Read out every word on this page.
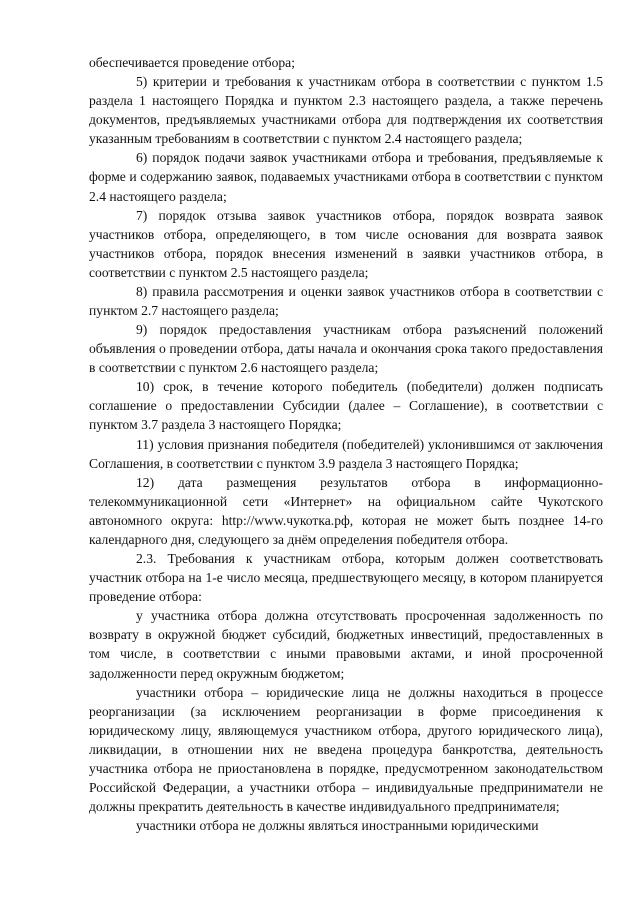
обеспечивается проведение отбора;

5) критерии и требования к участникам отбора в соответствии с пунктом 1.5 раздела 1 настоящего Порядка и пунктом 2.3 настоящего раздела, а также перечень документов, предъявляемых участниками отбора для подтверждения их соответствия указанным требованиям в соответствии с пунктом 2.4 настоящего раздела;

6) порядок подачи заявок участниками отбора и требования, предъявляемые к форме и содержанию заявок, подаваемых участниками отбора в соответствии с пунктом 2.4 настоящего раздела;

7) порядок отзыва заявок участников отбора, порядок возврата заявок участников отбора, определяющего, в том числе основания для возврата заявок участников отбора, порядок внесения изменений в заявки участников отбора, в соответствии с пунктом 2.5 настоящего раздела;

8) правила рассмотрения и оценки заявок участников отбора в соответствии с пунктом 2.7 настоящего раздела;

9) порядок предоставления участникам отбора разъяснений положений объявления о проведении отбора, даты начала и окончания срока такого предоставления в соответствии с пунктом 2.6 настоящего раздела;

10) срок, в течение которого победитель (победители) должен подписать соглашение о предоставлении Субсидии (далее – Соглашение), в соответствии с пунктом 3.7 раздела 3 настоящего Порядка;

11) условия признания победителя (победителей) уклонившимся от заключения Соглашения, в соответствии с пунктом 3.9 раздела 3 настоящего Порядка;

12) дата размещения результатов отбора в информационно-телекоммуникационной сети «Интернет» на официальном сайте Чукотского автономного округа: http://www.чукотка.рф, которая не может быть позднее 14-го календарного дня, следующего за днём определения победителя отбора.

2.3. Требования к участникам отбора, которым должен соответствовать участник отбора на 1-е число месяца, предшествующего месяцу, в котором планируется проведение отбора:

у участника отбора должна отсутствовать просроченная задолженность по возврату в окружной бюджет субсидий, бюджетных инвестиций, предоставленных в том числе, в соответствии с иными правовыми актами, и иной просроченной задолженности перед окружным бюджетом;

участники отбора – юридические лица не должны находиться в процессе реорганизации (за исключением реорганизации в форме присоединения к юридическому лицу, являющемуся участником отбора, другого юридического лица), ликвидации, в отношении них не введена процедура банкротства, деятельность участника отбора не приостановлена в порядке, предусмотренном законодательством Российской Федерации, а участники отбора – индивидуальные предприниматели не должны прекратить деятельность в качестве индивидуального предпринимателя;

участники отбора не должны являться иностранными юридическими
